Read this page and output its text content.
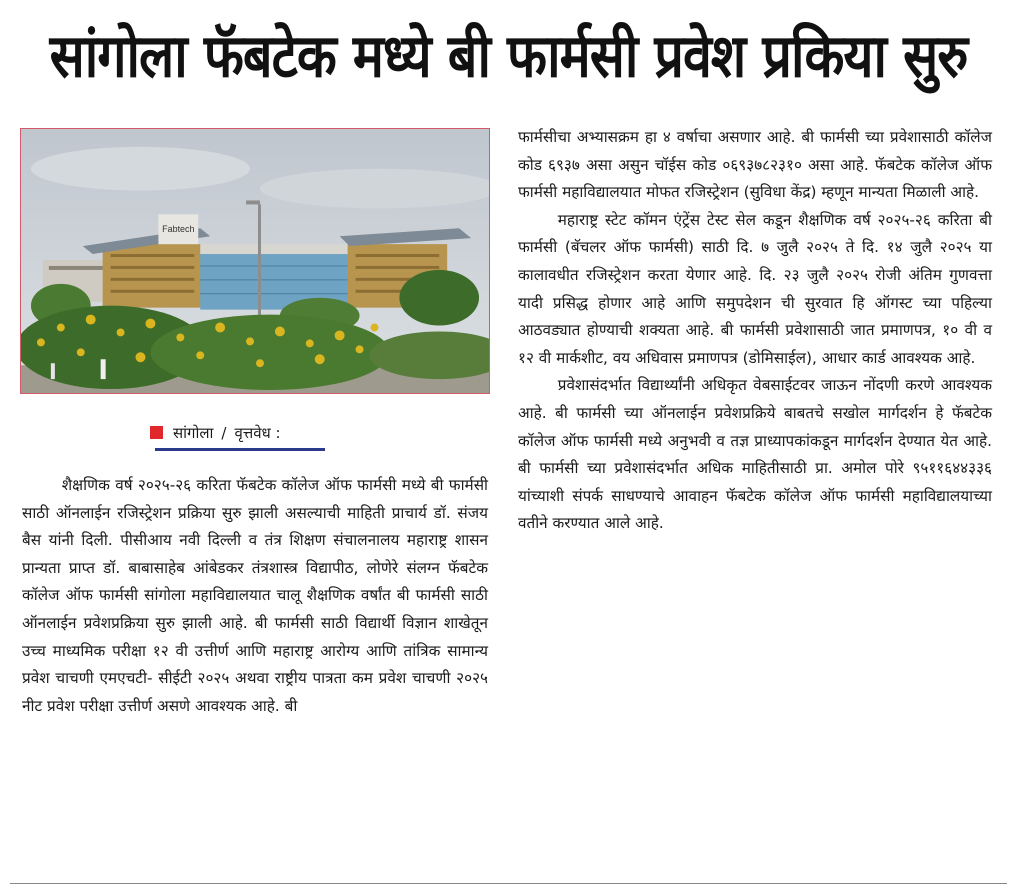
सांगोला फॅबटेक मध्ये बी फार्मसी प्रवेश प्रकिया सुरु
Fabtech
सांगोला / वृत्तवेध :

शैक्षणिक वर्ष २०२५-२६ करिता फॅबटेक कॉलेज ऑफ फार्मसी मध्ये बी फार्मसी साठी ऑनलाईन रजिस्ट्रेशन प्रक्रिया सुरु झाली असल्याची माहिती प्राचार्य डॉ. संजय बैस यांनी दिली. पीसीआय नवी दिल्ली व तंत्र शिक्षण संचालनालय महाराष्ट्र शासन प्रान्यता प्राप्त डॉ. बाबासाहेब आंबेडकर तंत्रशास्त्र विद्यापीठ, लोणेरे संलग्न फॅबटेक कॉलेज ऑफ फार्मसी सांगोला महाविद्यालयात चालू शैक्षणिक वर्षांत बी फार्मसी साठी ऑनलाईन प्रवेशप्रक्रिया सुरु झाली आहे. बी फार्मसी साठी विद्यार्थी विज्ञान शाखेतून उच्च माध्यमिक परीक्षा १२ वी उत्तीर्ण आणि महाराष्ट्र आरोग्य आणि तांत्रिक सामान्य प्रवेश चाचणी एमएचटी- सीईटी २०२५ अथवा राष्ट्रीय पात्रता कम प्रवेश चाचणी २०२५ नीट प्रवेश परीक्षा उत्तीर्ण असणे आवश्यक आहे. बी

फार्मसीचा अभ्यासक्रम हा ४ वर्षाचा असणार आहे. बी फार्मसी च्या प्रवेशासाठी कॉलेज कोड ६९३७ असा असुन चॉईस कोड ०६९३७८२३१० असा आहे. फॅबटेक कॉलेज ऑफ फार्मसी महाविद्यालयात मोफत रजिस्ट्रेशन (सुविधा केंद्र) म्हणून मान्यता मिळाली आहे.

महाराष्ट्र स्टेट कॉमन एंट्रेंस टेस्ट सेल कडून शैक्षणिक वर्ष २०२५-२६ करिता बी फार्मसी (बॅचलर ऑफ फार्मसी) साठी दि. ७ जुलै २०२५ ते दि. १४ जुलै २०२५ या कालावधीत रजिस्ट्रेशन करता येणार आहे. दि. २३ जुलै २०२५ रोजी अंतिम गुणवत्ता यादी प्रसिद्ध होणार आहे आणि समुपदेशन ची सुरवात हि ऑगस्ट च्या पहिल्या आठवड्यात होण्याची शक्यता आहे. बी फार्मसी प्रवेशासाठी जात प्रमाणपत्र, १० वी व १२ वी मार्कशीट, वय अधिवास प्रमाणपत्र (डोमिसाईल), आधार कार्ड आवश्यक आहे.

प्रवेशासंदर्भात विद्यार्थ्यांनी अधिकृत वेबसाईटवर जाऊन नोंदणी करणे आवश्यक आहे. बी फार्मसी च्या ऑनलाईन प्रवेशप्रक्रिये बाबतचे सखोल मार्गदर्शन हे फॅबटेक कॉलेज ऑफ फार्मसी मध्ये अनुभवी व तज्ञ प्राध्यापकांकडून मार्गदर्शन देण्यात येत आहे. बी फार्मसी च्या प्रवेशासंदर्भात अधिक माहितीसाठी प्रा. अमोल पोरे ९५११६४४३३६ यांच्याशी संपर्क साधण्याचे आवाहन फॅबटेक कॉलेज ऑफ फार्मसी महाविद्यालयाच्या वतीने करण्यात आले आहे.
